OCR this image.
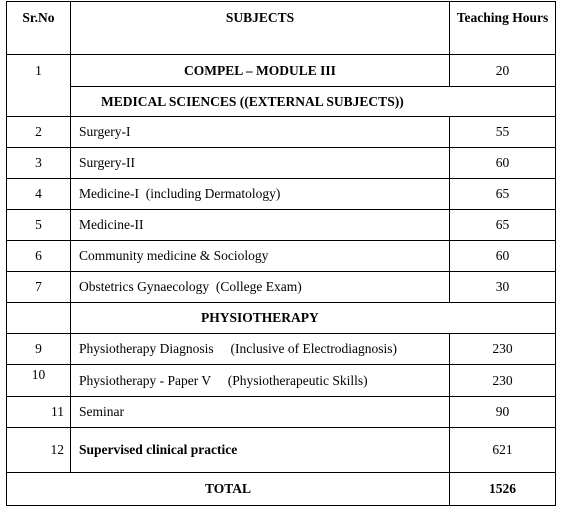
Sr.No	SUBJECTS	Teaching Hours
1	COMPEL – MODULE III	20
MEDICAL SCIENCES ((EXTERNAL SUBJECTS))
2	Surgery-I	55
3	Surgery-II	60
4	Medicine-I  (including Dermatology)	65
5	Medicine-II	65
6	Community medicine & Sociology	60
7	Obstetrics Gynaecology  (College Exam)	30
PHYSIOTHERAPY
9	Physiotherapy Diagnosis     (Inclusive of Electrodiagnosis)	230
10	Physiotherapy - Paper V     (Physiotherapeutic Skills)	230
11	Seminar	90
12	Supervised clinical practice	621
TOTAL	1526
